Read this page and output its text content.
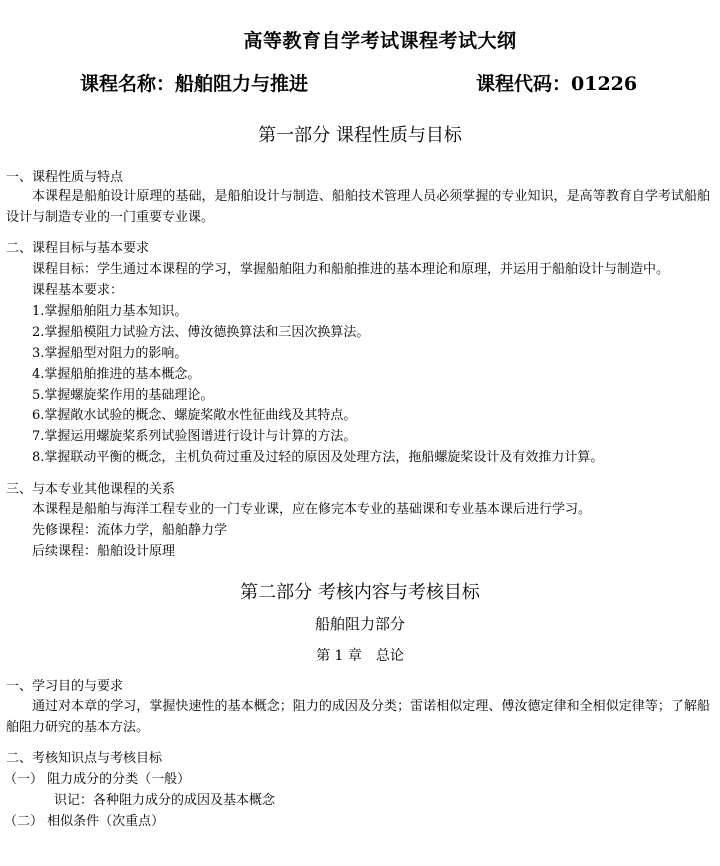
高等教育自学考试课程考试大纲
课程名称：船舶阻力与推进	课程代码：01226
第一部分 课程性质与目标
一、课程性质与特点
本课程是船舶设计原理的基础，是船舶设计与制造、船舶技术管理人员必须掌握的专业知识，是高等教育自学考试船舶设计与制造专业的一门重要专业课。
二、课程目标与基本要求
课程目标：学生通过本课程的学习，掌握船舶阻力和船舶推进的基本理论和原理，并运用于船舶设计与制造中。
课程基本要求：
1.掌握船舶阻力基本知识。
2.掌握船模阻力试验方法、傅汝德换算法和三因次换算法。
3.掌握船型对阻力的影响。
4.掌握船舶推进的基本概念。
5.掌握螺旋桨作用的基础理论。
6.掌握敞水试验的概念、螺旋桨敞水性征曲线及其特点。
7.掌握运用螺旋桨系列试验图谱进行设计与计算的方法。
8.掌握联动平衡的概念，主机负荷过重及过轻的原因及处理方法，拖船螺旋桨设计及有效推力计算。
三、与本专业其他课程的关系
本课程是船舶与海洋工程专业的一门专业课，应在修完本专业的基础课和专业基本课后进行学习。
先修课程：流体力学，船舶静力学
后续课程：船舶设计原理
第二部分 考核内容与考核目标
船舶阻力部分
第 1 章 总论
一、学习目的与要求
通过对本章的学习，掌握快速性的基本概念；阻力的成因及分类；雷诺相似定理、傅汝德定律和全相似定律等；了解船舶阻力研究的基本方法。
二、考核知识点与考核目标
（一） 阻力成分的分类（一般）
识记：各种阻力成分的成因及基本概念
（二） 相似条件（次重点）
